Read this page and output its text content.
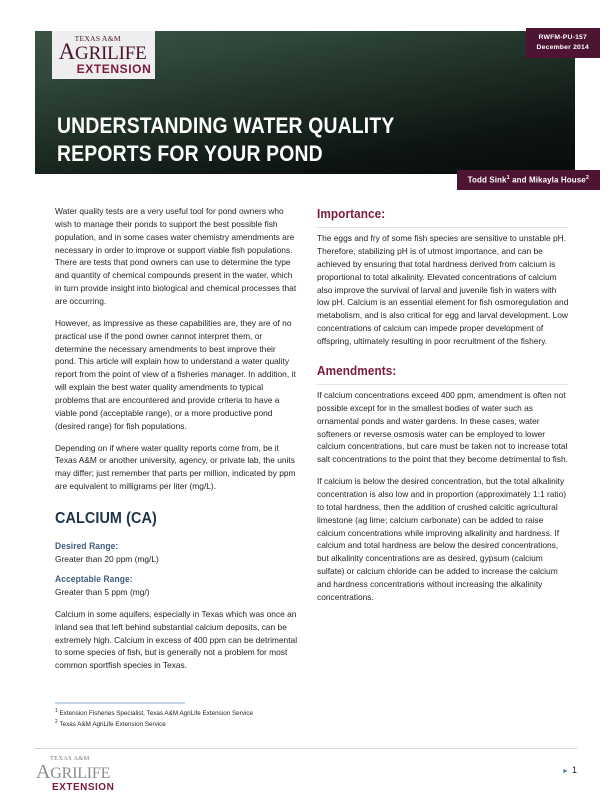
TEXAS A&M
AGRILIFE
EXTENSION
RWFM-PU-157
December 2014
UNDERSTANDING WATER QUALITY
REPORTS FOR YOUR POND
Todd Sink$^1$ and Mikayla House$^2$

Water quality tests are a very useful tool for pond owners who wish to manage their ponds to support the best possible fish population, and in some cases water chemistry amendments are necessary in order to improve or support viable fish populations. There are tests that pond owners can use to determine the type and quantity of chemical compounds present in the water, which in turn provide insight into biological and chemical processes that are occurring.

However, as impressive as these capabilities are, they are of no practical use if the pond owner cannot interpret them, or determine the necessary amendments to best improve their pond. This article will explain how to understand a water quality report from the point of view of a fisheries manager. In addition, it will explain the best water quality amendments to typical problems that are encountered and provide criteria to have a viable pond (acceptable range), or a more productive pond (desired range) for fish populations.

Depending on if where water quality reports come from, be it Texas A&M or another university, agency, or private lab, the units may differ; just remember that parts per million, indicated by ppm are equivalent to milligrams per liter (mg/L).

CALCIUM (CA)
Desired Range:

Greater than 20 ppm (mg/L)

Acceptable Range:

Greater than 5 ppm (mg/)

Calcium in some aquifers, especially in Texas which was once an inland sea that left behind substantial calcium deposits, can be extremely high. Calcium in excess of 400 ppm can be detrimental to some species of fish, but is generally not a problem for most common sportfish species in Texas.

Importance:

The eggs and fry of some fish species are sensitive to unstable pH. Therefore, stabilizing pH is of utmost importance, and can be achieved by ensuring that total hardness derived from calcium is proportional to total alkalinity. Elevated concentrations of calcium also improve the survival of larval and juvenile fish in waters with low pH. Calcium is an essential element for fish osmoregulation and metabolism, and is also critical for egg and larval development. Low concentrations of calcium can impede proper development of offspring, ultimately resulting in poor recruitment of the fishery.

Amendments:

If calcium concentrations exceed 400 ppm, amendment is often not possible except for in the smallest bodies of water such as ornamental ponds and water gardens. In these cases, water softeners or reverse osmosis water can be employed to lower calcium concentrations, but care must be taken not to increase total salt concentrations to the point that they become detrimental to fish.

If calcium is below the desired concentration, but the total alkalinity concentration is also low and in proportion (approximately 1:1 ratio) to total hardness, then the addition of crushed calcitic agricultural limestone (ag lime; calcium carbonate) can be added to raise calcium concentrations while improving alkalinity and hardness. If calcium and total hardness are below the desired concentrations, but alkalinity concentrations are as desired, gypsum (calcium sulfate) or calcium chloride can be added to increase the calcium and hardness concentrations without increasing the alkalinity concentrations.

$^1$ Extension Fisheries Specialist, Texas A&M AgriLife Extension Service

$^2$ Texas A&M AgriLife Extension Service

TEXAS A&M
AGRILIFE
EXTENSION
► 1
